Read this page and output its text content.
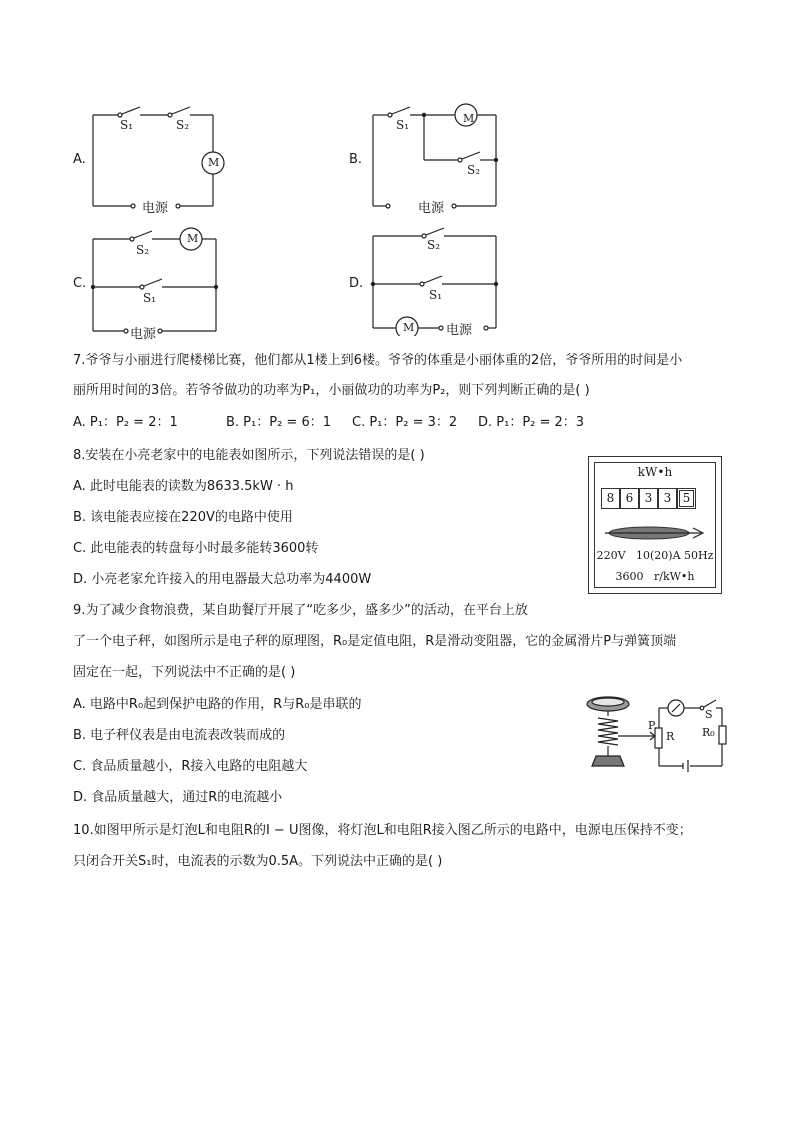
A.
S₁	S₂
M
电源
B.
S₁	M
S₂
电源
C.
S₂
M
S₁
电源
D.
S₂
S₁
M 电源
7.爷爷与小丽进行爬楼梯比赛，他们都从1楼上到6楼。爷爷的体重是小丽体重的2倍，爷爷所用的时间是小
丽所用时间的3倍。若爷爷做功的功率为P₁，小丽做功的功率为P₂，则下列判断正确的是( )
A. P₁：P₂ = 2：1	B. P₁：P₂ = 6：1 C. P₁：P₂ = 3：2 D. P₁：P₂ = 2：3
8.安装在小亮老家中的电能表如图所示，下列说法错误的是( )
A. 此时电能表的读数为8633.5kW · h
B. 该电能表应接在220V的电路中使用
C. 此电能表的转盘每小时最多能转3600转
D. 小亮老家允许接入的用电器最大总功率为4400W
kW•h
8 6 3 3 5
220V   10(20)A 50Hz
3600   r/kW•h
9.为了减少食物浪费，某自助餐厅开展了“吃多少，盛多少”的活动，在平台上放
了一个电子秤，如图所示是电子秤的原理图，R₀是定值电阻，R是滑动变阻器，它的金属滑片P与弹簧顶端
固定在一起，下列说法中不正确的是( )
A. 电路中R₀起到保护电路的作用，R与R₀是串联的
B. 电子秤仪表是由电流表改装而成的
C. 食品质量越小，R接入电路的电阻越大
D. 食品质量越大，通过R的电流越小
P
R
S
R₀
10.如图甲所示是灯泡L和电阻R的I − U图像，将灯泡L和电阻R接入图乙所示的电路中，电源电压保持不变；
只闭合开关S₁时，电流表的示数为0.5A。下列说法中正确的是( )
